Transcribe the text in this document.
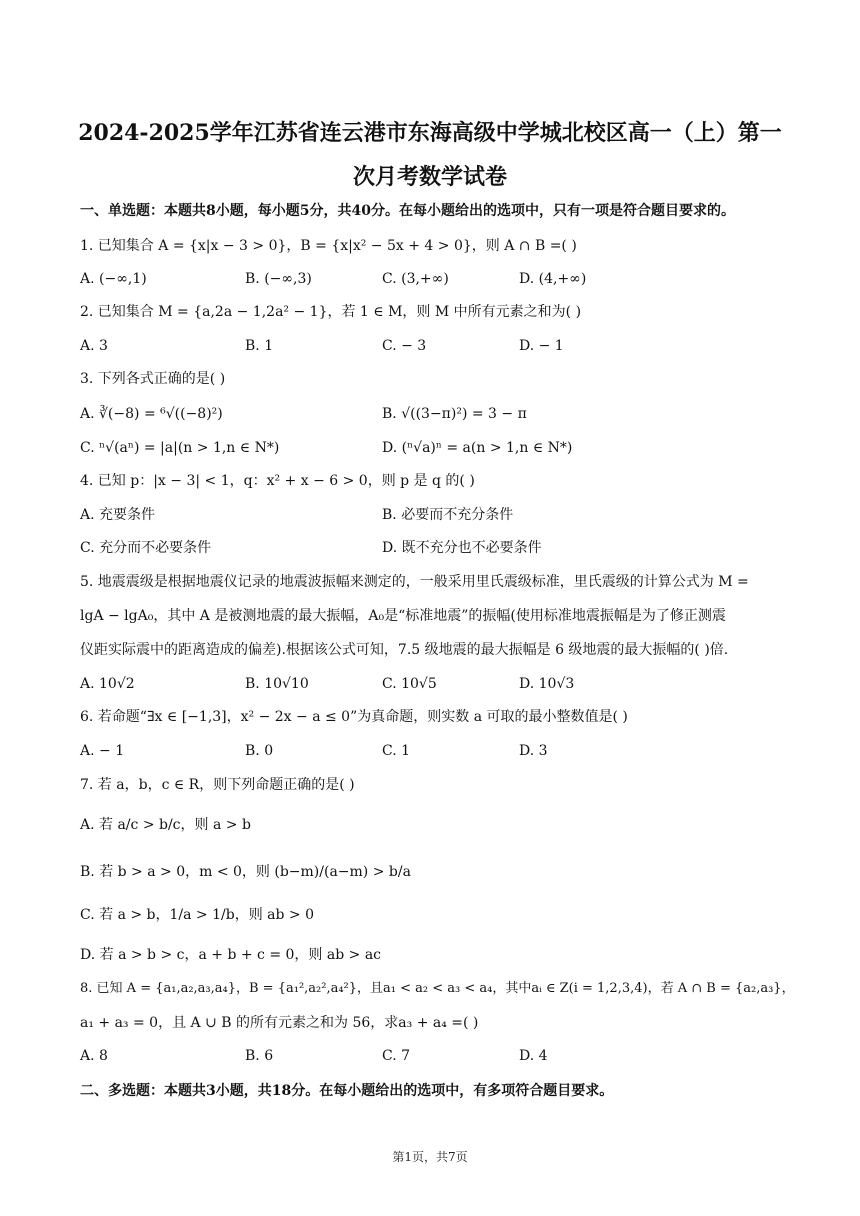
2024-2025学年江苏省连云港市东海高级中学城北校区高一（上）第一
次月考数学试卷
一、单选题：本题共8小题，每小题5分，共40分。在每小题给出的选项中，只有一项是符合题目要求的。
1. 已知集合 A = {x|x − 3 > 0}，B = {x|x² − 5x + 4 > 0}，则 A ∩ B =( )
A. (−∞,1)	B. (−∞,3)	C. (3,+∞)	D. (4,+∞)
2. 已知集合 M = {a,2a − 1,2a² − 1}，若 1 ∈ M，则 M 中所有元素之和为( )
A. 3	B. 1	C. − 3	D. − 1
3. 下列各式正确的是( )
A. ∛(−8) = ⁶√((−8)²)	B. √((3−π)²) = 3 − π
C. ⁿ√(aⁿ) = |a|(n > 1,n ∈ N*)	D. (ⁿ√a)ⁿ = a(n > 1,n ∈ N*)
4. 已知 p：|x − 3| < 1，q：x² + x − 6 > 0，则 p 是 q 的( )
A. 充要条件	B. 必要而不充分条件
C. 充分而不必要条件	D. 既不充分也不必要条件
5. 地震震级是根据地震仪记录的地震波振幅来测定的，一般采用里氏震级标准，里氏震级的计算公式为 M =
lgA − lgA₀，其中 A 是被测地震的最大振幅，A₀是“标准地震”的振幅(使用标准地震振幅是为了修正测震
仪距实际震中的距离造成的偏差).根据该公式可知，7.5 级地震的最大振幅是 6 级地震的最大振幅的( )倍.
A. 10√2	B. 10√10	C. 10√5	D. 10√3
6. 若命题“∃x ∈ [−1,3]，x² − 2x − a ≤ 0”为真命题，则实数 a 可取的最小整数值是( )
A. − 1	B. 0	C. 1	D. 3
7. 若 a，b，c ∈ R，则下列命题正确的是( )
A. 若 a/c > b/c，则 a > b
B. 若 b > a > 0，m < 0，则 (b−m)/(a−m) > b/a
C. 若 a > b，1/a > 1/b，则 ab > 0
D. 若 a > b > c，a + b + c = 0，则 ab > ac
8. 已知 A = {a₁,a₂,a₃,a₄}，B = {a₁²,a₂²,a₄²}，且a₁ < a₂ < a₃ < a₄，其中aᵢ ∈ Z(i = 1,2,3,4)，若 A ∩ B = {a₂,a₃}，
a₁ + a₃ = 0，且 A ∪ B 的所有元素之和为 56，求a₃ + a₄ =( )
A. 8	B. 6	C. 7	D. 4
二、多选题：本题共3小题，共18分。在每小题给出的选项中，有多项符合题目要求。
第1页，共7页
